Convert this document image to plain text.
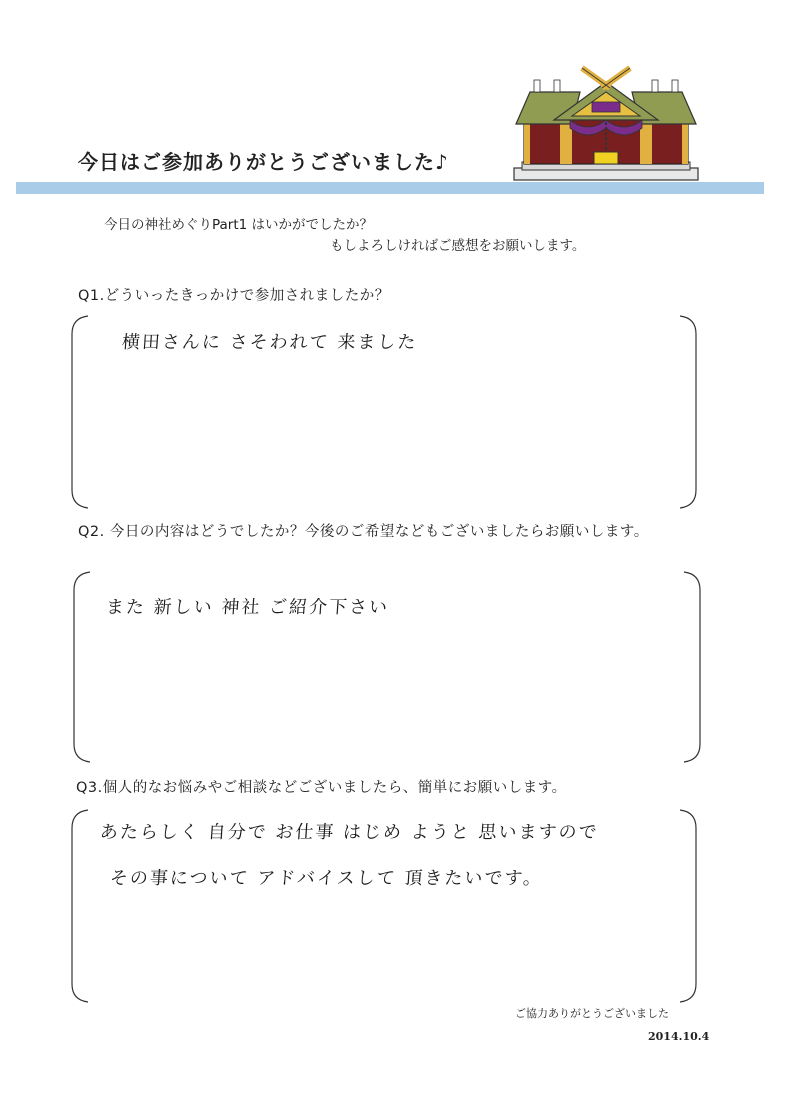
今日はご参加ありがとうございました♪
今日の神社めぐりPart1 はいかがでしたか？
もしよろしければご感想をお願いします。
Q1.どういったきっかけで参加されましたか？
横田さんに さそわれて 来ました
Q2. 今日の内容はどうでしたか？今後のご希望などもございましたらお願いします。
また 新しい 神社 ご紹介下さい
Q3.個人的なお悩みやご相談などございましたら、簡単にお願いします。
あたらしく 自分で お仕事 はじめ ようと 思いますので
その事について アドバイスして 頂きたいです。
ご協力ありがとうございました
2014.10.4
